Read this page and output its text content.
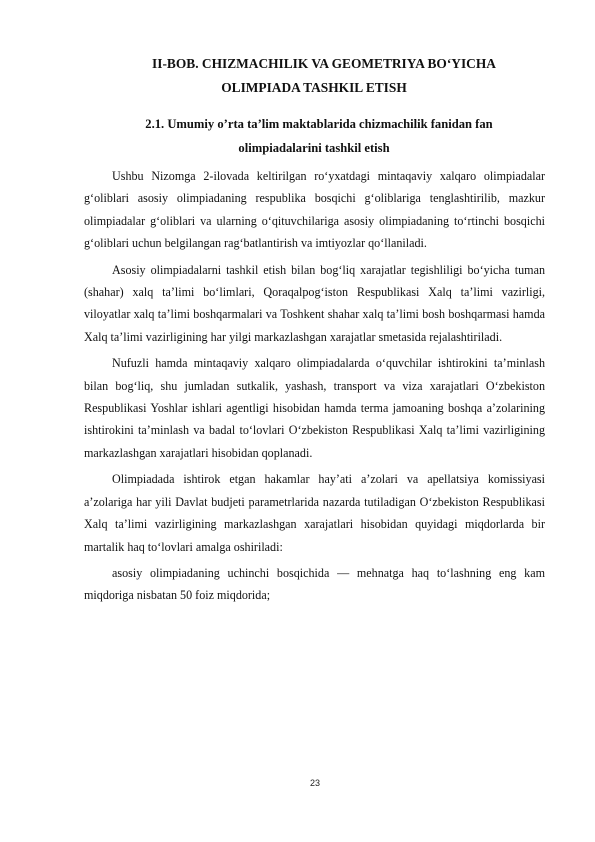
II-BOB. CHIZMACHILIK VA GEOMETRIYA BO‘YICHA
OLIMPIADA TASHKIL ETISH
2.1. Umumiy o’rta ta’lim maktablarida chizmachilik fanidan fan
olimpiadalarini tashkil etish

Ushbu Nizomga 2-ilovada keltirilgan ro‘yxatdagi mintaqaviy xalqaro olimpiadalar g‘oliblari asosiy olimpiadaning respublika bosqichi g‘oliblariga tenglashtirilib, mazkur olimpiadalar g‘oliblari va ularning o‘qituvchilariga asosiy olimpiadaning to‘rtinchi bosqichi g‘oliblari uchun belgilangan rag‘batlantirish va imtiyozlar qo‘llaniladi.

Asosiy olimpiadalarni tashkil etish bilan bog‘liq xarajatlar tegishliligi bo‘yicha tuman (shahar) xalq ta’limi bo‘limlari, Qoraqalpog‘iston Respublikasi Xalq ta’limi vazirligi, viloyatlar xalq ta’limi boshqarmalari va Toshkent shahar xalq ta’limi bosh boshqarmasi hamda Xalq ta’limi vazirligining har yilgi markazlashgan xarajatlar smetasida rejalashtiriladi.

Nufuzli hamda mintaqaviy xalqaro olimpiadalarda o‘quvchilar ishtirokini ta’minlash bilan bog‘liq, shu jumladan sutkalik, yashash, transport va viza xarajatlari O‘zbekiston Respublikasi Yoshlar ishlari agentligi hisobidan hamda terma jamoaning boshqa a’zolarining ishtirokini ta’minlash va badal to‘lovlari O‘zbekiston Respublikasi Xalq ta’limi vazirligining markazlashgan xarajatlari hisobidan qoplanadi.

Olimpiadada ishtirok etgan hakamlar hay’ati a’zolari va apellatsiya komissiyasi a’zolariga har yili Davlat budjeti parametrlarida nazarda tutiladigan O‘zbekiston Respublikasi Xalq ta’limi vazirligining markazlashgan xarajatlari hisobidan quyidagi miqdorlarda bir martalik haq to‘lovlari amalga oshiriladi:

asosiy olimpiadaning uchinchi bosqichida — mehnatga haq to‘lashning eng kam miqdoriga nisbatan 50 foiz miqdorida;

23
